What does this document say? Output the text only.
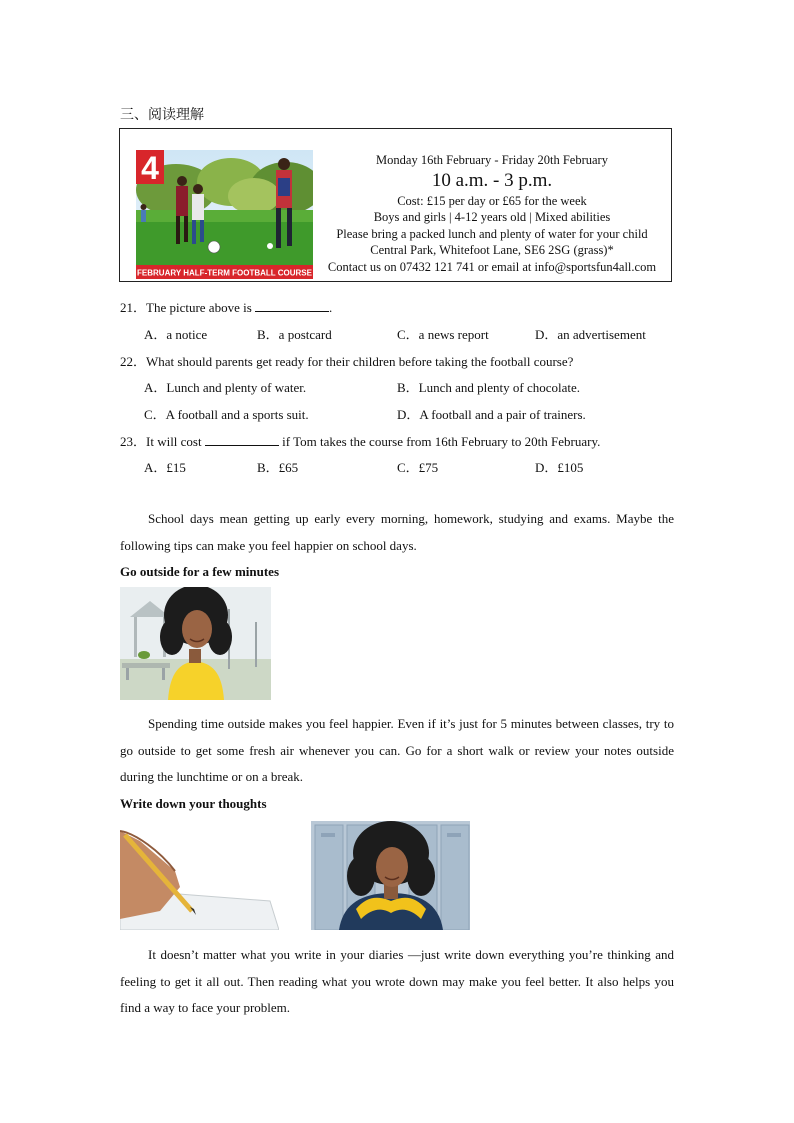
三、阅读理解
4
FEBRUARY HALF-TERM FOOTBALL COURSE
Monday 16th February - Friday 20th February
10 a.m. - 3 p.m.
Cost: £15 per day or £65 for the week
Boys and girls | 4-12 years old | Mixed abilities
Please bring a packed lunch and plenty of water for your child
Central Park, Whitefoot Lane, SE6 2SG (grass)*
Contact us on 07432 121 741 or email at info@sportsfun4all.com
21．The picture above is	.
A．a notice	B．a postcard	C．a news report	D．an advertisement
22．What should parents get ready for their children before taking the football course?
A．Lunch and plenty of water.	B．Lunch and plenty of chocolate.
C．A football and a sports suit.	D．A football and a pair of trainers.
23．It will cost	if Tom takes the course from 16th February to 20th February.
A．£15	B．£65	C．£75	D．£105
School days mean getting up early every morning, homework, studying and exams. Maybe the following tips can make you feel happier on school days.
Go outside for a few minutes
Spending time outside makes you feel happier. Even if it’s just for 5 minutes between classes, try to go outside to get some fresh air whenever you can. Go for a short walk or review your notes outside during the lunchtime or on a break.
Write down your thoughts
It doesn’t matter what you write in your diaries —just write down everything you’re thinking and feeling to get it all out. Then reading what you wrote down may make you feel better. It also helps you find a way to face your problem.
